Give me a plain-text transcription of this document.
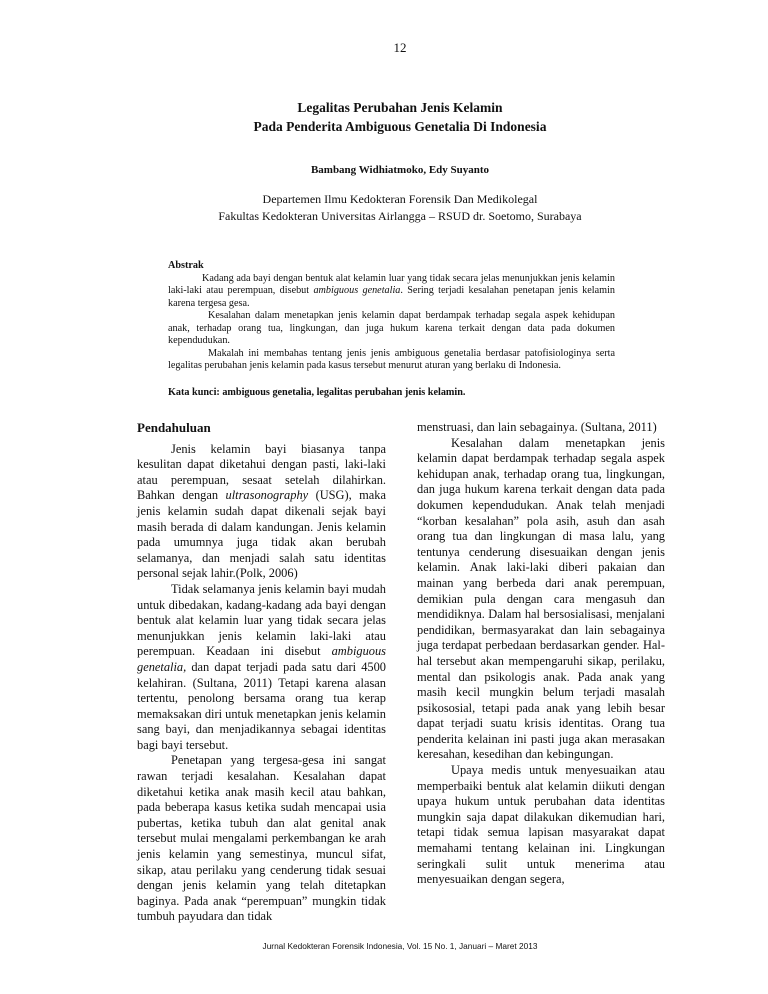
12
Legalitas Perubahan Jenis Kelamin
Pada Penderita Ambiguous Genetalia Di Indonesia
Bambang Widhiatmoko, Edy Suyanto
Departemen Ilmu Kedokteran Forensik Dan Medikolegal
Fakultas Kedokteran Universitas Airlangga – RSUD dr. Soetomo, Surabaya
Abstrak

Kadang ada bayi dengan bentuk alat kelamin luar yang tidak secara jelas menunjukkan jenis kelamin laki-laki atau perempuan, disebut ambiguous genetalia. Sering terjadi kesalahan penetapan jenis kelamin karena tergesa gesa.

Kesalahan dalam menetapkan jenis kelamin dapat berdampak terhadap segala aspek kehidupan anak, terhadap orang tua, lingkungan, dan juga hukum karena terkait dengan data pada dokumen kependudukan.

Makalah ini membahas tentang jenis jenis ambiguous genetalia berdasar patofisiologinya serta legalitas perubahan jenis kelamin pada kasus tersebut menurut aturan yang berlaku di Indonesia.

Kata kunci: ambiguous genetalia, legalitas perubahan jenis kelamin.

Pendahuluan

Jenis kelamin bayi biasanya tanpa kesulitan dapat diketahui dengan pasti, laki-laki atau perempuan, sesaat setelah dilahirkan. Bahkan dengan ultrasonography (USG), maka jenis kelamin sudah dapat dikenali sejak bayi masih berada di dalam kandungan. Jenis kelamin pada umumnya juga tidak akan berubah selamanya, dan menjadi salah satu identitas personal sejak lahir.(Polk, 2006)

Tidak selamanya jenis kelamin bayi mudah untuk dibedakan, kadang-kadang ada bayi dengan bentuk alat kelamin luar yang tidak secara jelas menunjukkan jenis kelamin laki-laki atau perempuan. Keadaan ini disebut ambiguous genetalia, dan dapat terjadi pada satu dari 4500 kelahiran. (Sultana, 2011) Tetapi karena alasan tertentu, penolong bersama orang tua kerap memaksakan diri untuk menetapkan jenis kelamin sang bayi, dan menjadikannya sebagai identitas bagi bayi tersebut.

Penetapan yang tergesa-gesa ini sangat rawan terjadi kesalahan. Kesalahan dapat diketahui ketika anak masih kecil atau bahkan, pada beberapa kasus ketika sudah mencapai usia pubertas, ketika tubuh dan alat genital anak tersebut mulai mengalami perkembangan ke arah jenis kelamin yang semestinya, muncul sifat, sikap, atau perilaku yang cenderung tidak sesuai dengan jenis kelamin yang telah ditetapkan baginya. Pada anak “perempuan” mungkin tidak tumbuh payudara dan tidak

menstruasi, dan lain sebagainya. (Sultana, 2011)

Kesalahan dalam menetapkan jenis kelamin dapat berdampak terhadap segala aspek kehidupan anak, terhadap orang tua, lingkungan, dan juga hukum karena terkait dengan data pada dokumen kependudukan. Anak telah menjadi “korban kesalahan” pola asih, asuh dan asah orang tua dan lingkungan di masa lalu, yang tentunya cenderung disesuaikan dengan jenis kelamin. Anak laki-laki diberi pakaian dan mainan yang berbeda dari anak perempuan, demikian pula dengan cara mengasuh dan mendidiknya. Dalam hal bersosialisasi, menjalani pendidikan, bermasyarakat dan lain sebagainya juga terdapat perbedaan berdasarkan gender. Hal-hal tersebut akan mempengaruhi sikap, perilaku, mental dan psikologis anak. Pada anak yang masih kecil mungkin belum terjadi masalah psikososial, tetapi pada anak yang lebih besar dapat terjadi suatu krisis identitas. Orang tua penderita kelainan ini pasti juga akan merasakan keresahan, kesedihan dan kebingungan.

Upaya medis untuk menyesuaikan atau memperbaiki bentuk alat kelamin diikuti dengan upaya hukum untuk perubahan data identitas mungkin saja dapat dilakukan dikemudian hari, tetapi tidak semua lapisan masyarakat dapat memahami tentang kelainan ini. Lingkungan seringkali sulit untuk menerima atau menyesuaikan dengan segera,

Jurnal Kedokteran Forensik Indonesia, Vol. 15 No. 1, Januari – Maret 2013
